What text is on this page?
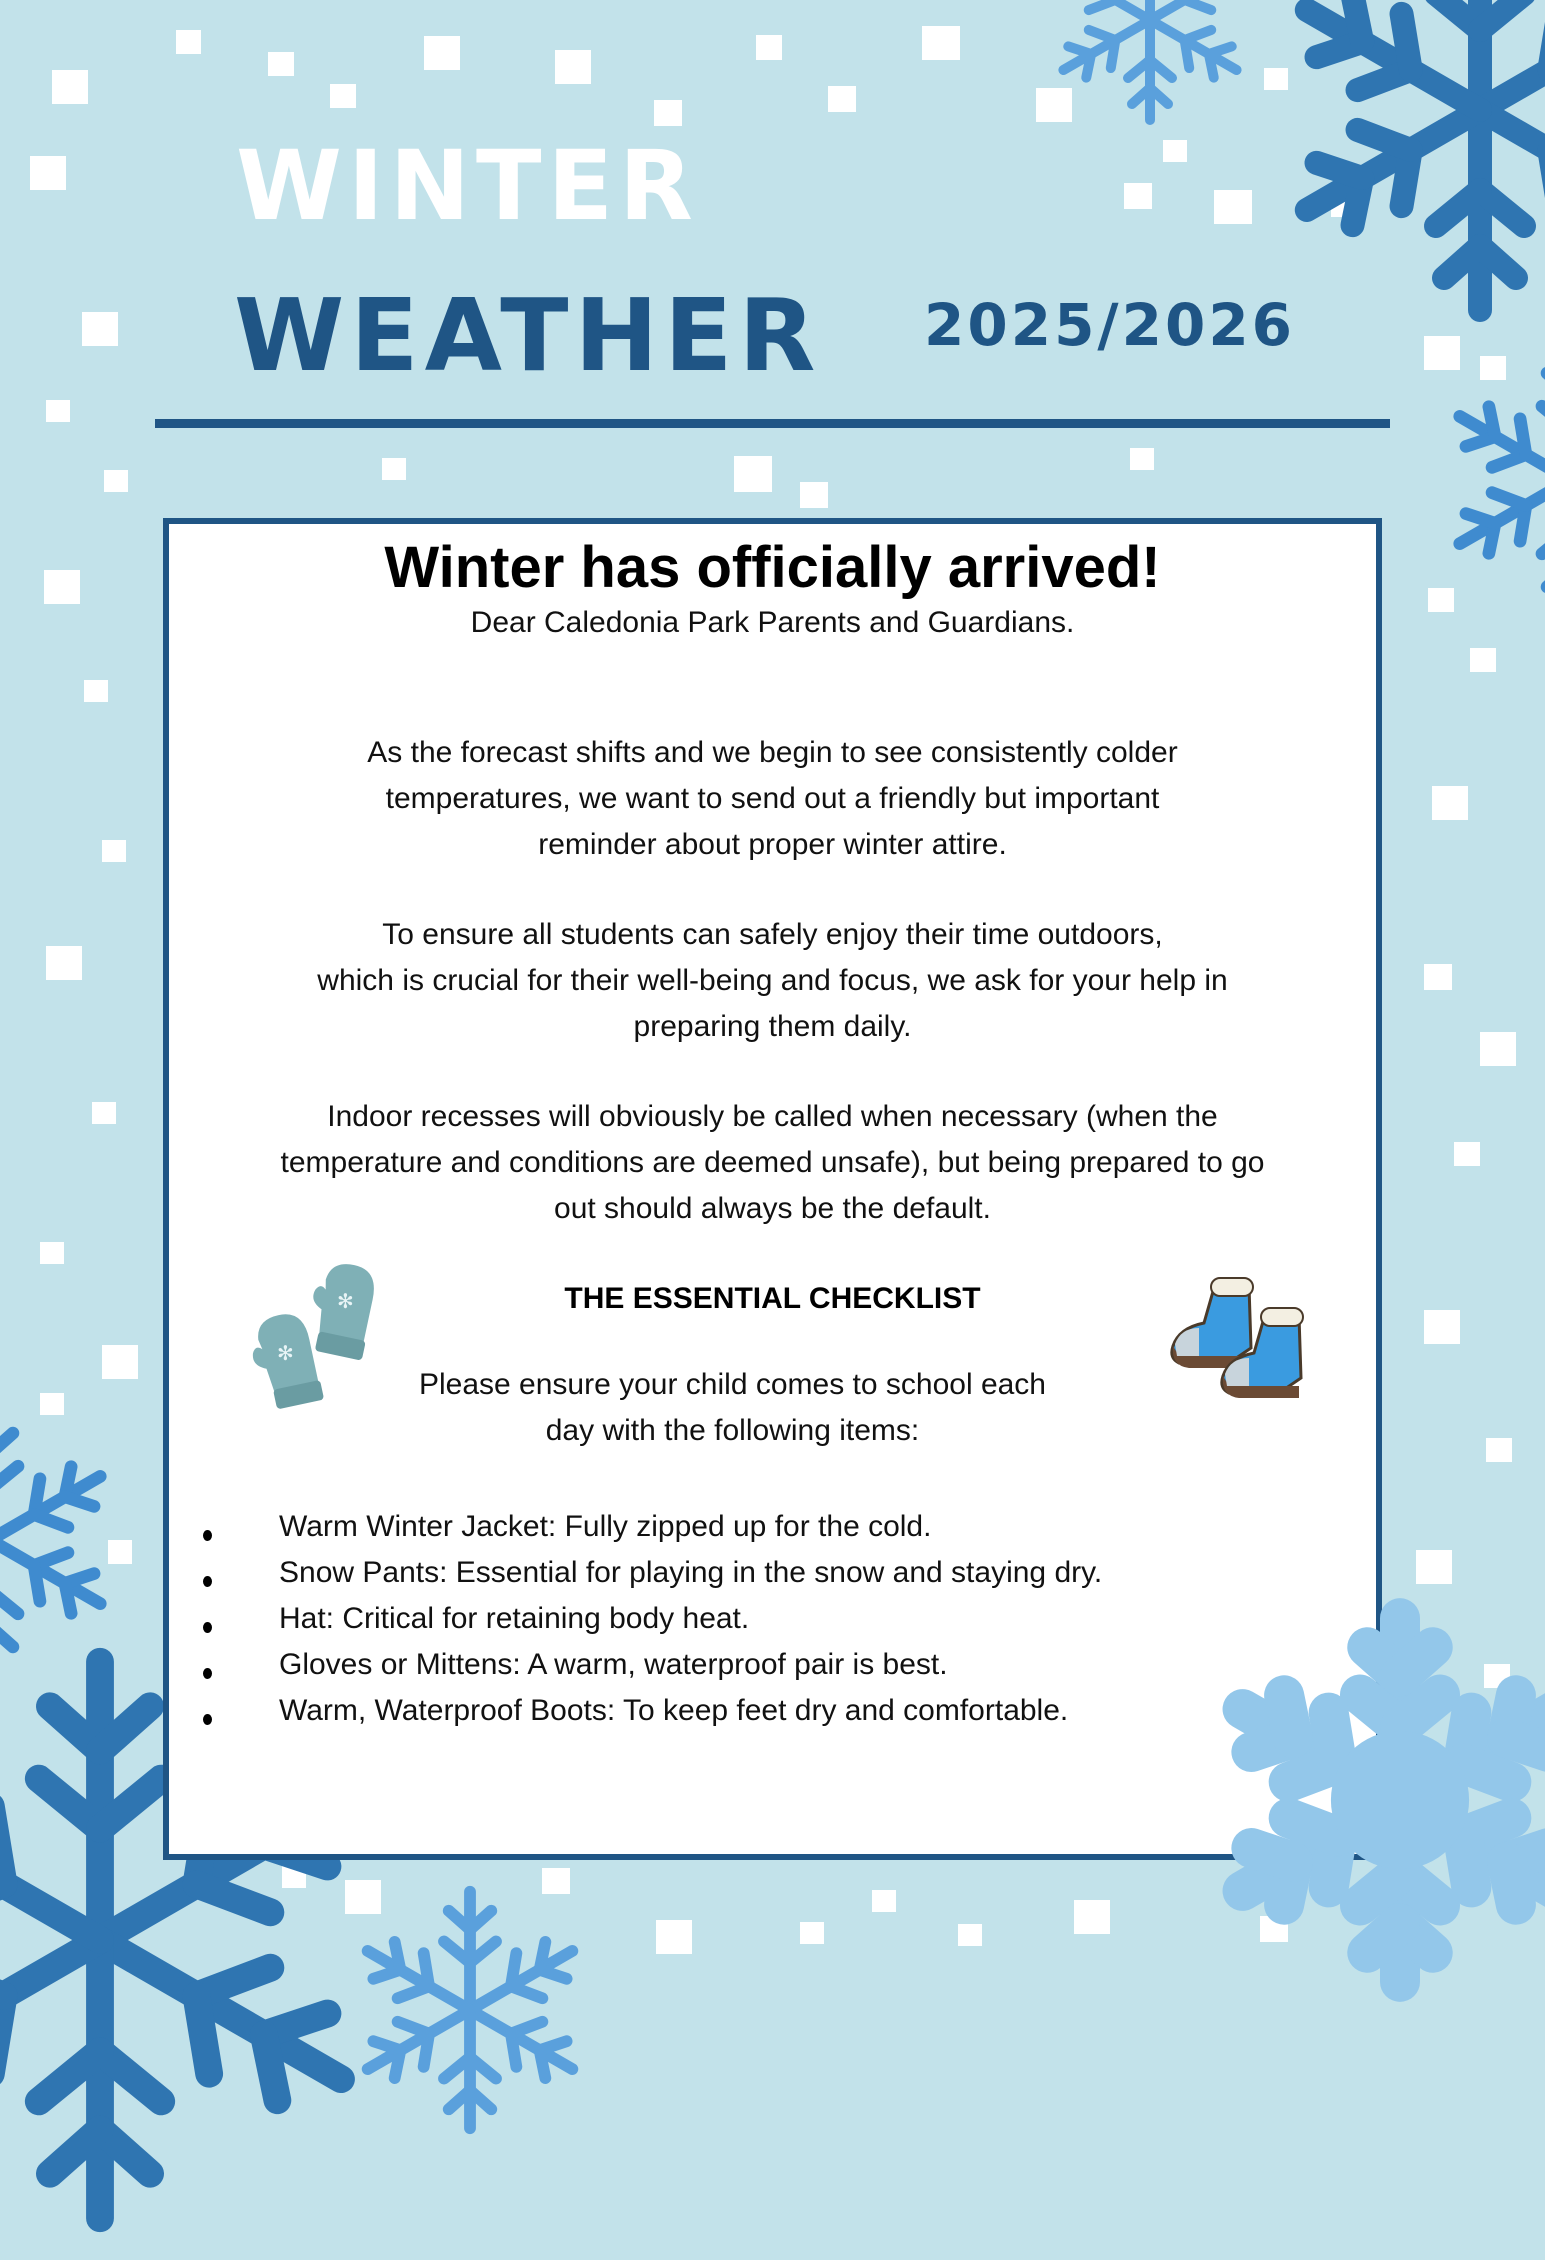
WINTER
WEATHER 2025/2026
Winter has officially arrived!
Dear Caledonia Park Parents and Guardians.
As the forecast shifts and we begin to see consistently colder
temperatures, we want to send out a friendly but important
reminder about proper winter attire.
To ensure all students can safely enjoy their time outdoors,
which is crucial for their well-being and focus, we ask for your help in
preparing them daily.
Indoor recesses will obviously be called when necessary (when the
temperature and conditions are deemed unsafe), but being prepared to go
out should always be the default.
THE ESSENTIAL CHECKLIST
Please ensure your child comes to school each
day with the following items:
✻
✻
Warm Winter Jacket: Fully zipped up for the cold.
Snow Pants: Essential for playing in the snow and staying dry.
Hat: Critical for retaining body heat.
Gloves or Mittens: A warm, waterproof pair is best.
Warm, Waterproof Boots: To keep feet dry and comfortable.
